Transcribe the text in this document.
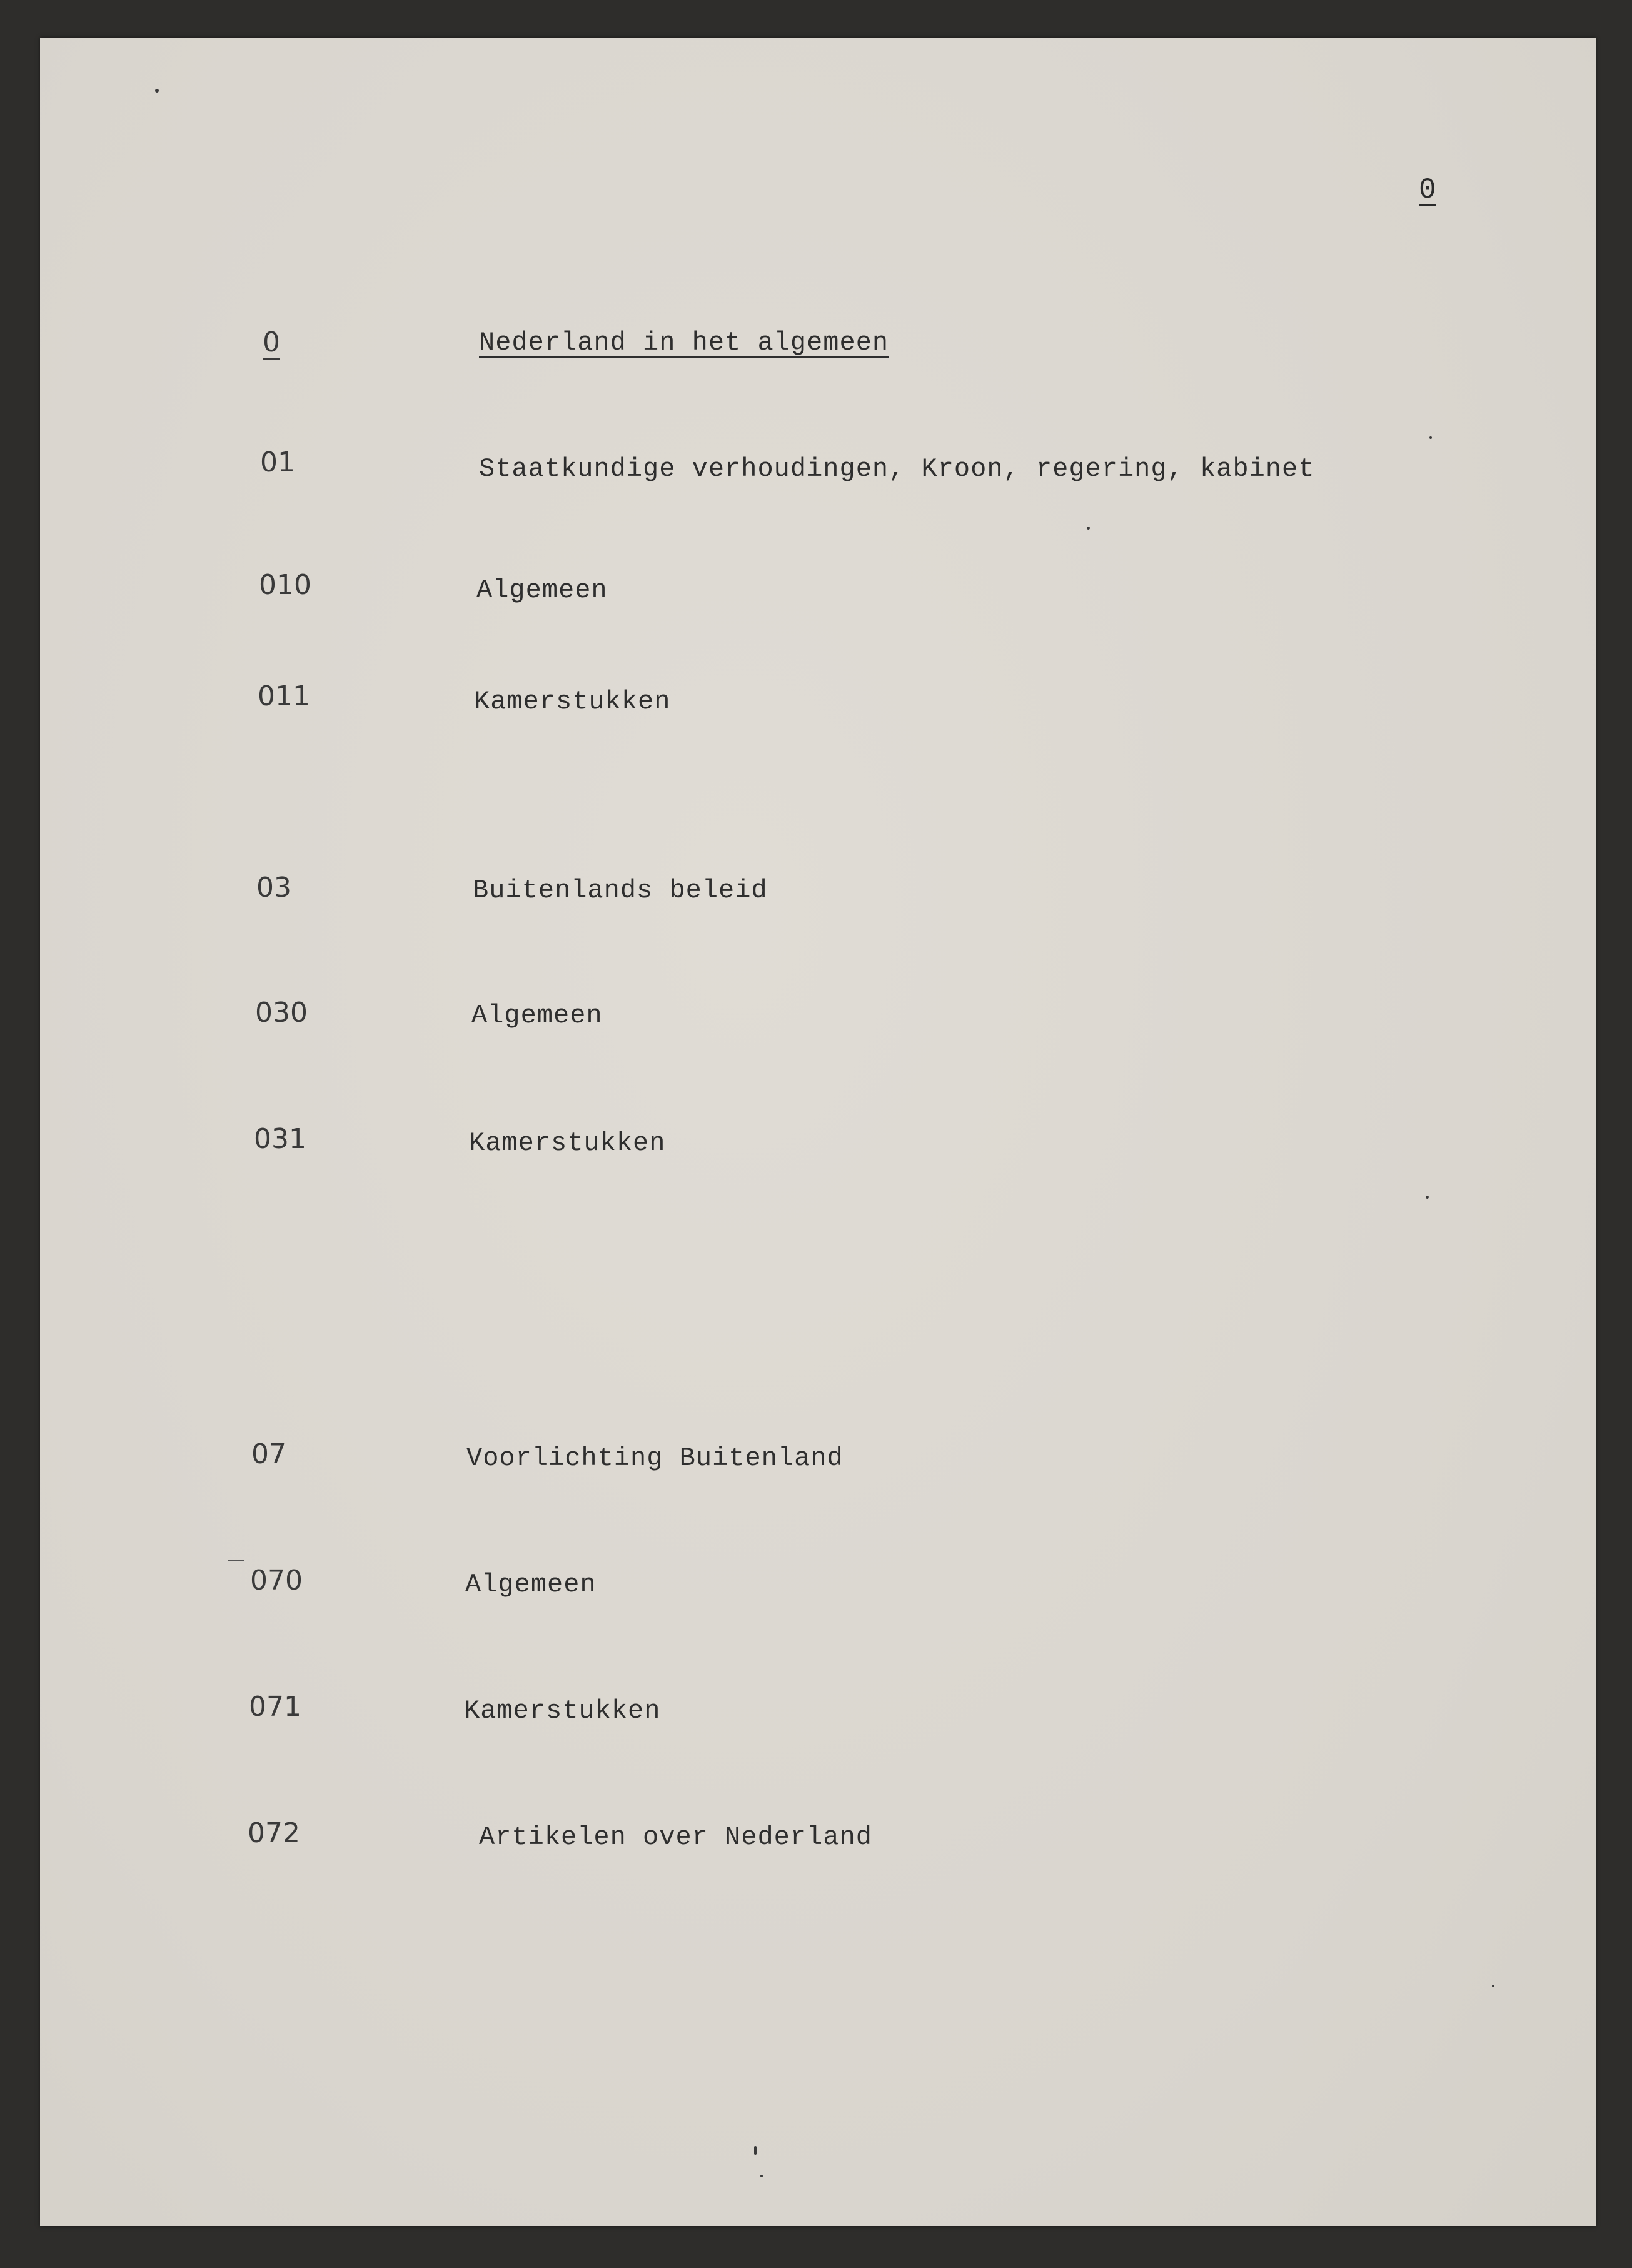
0
0	Nederland in het algemeen
01	Staatkundige verhoudingen, Kroon, regering, kabinet
010	Algemeen
011	Kamerstukken
03	Buitenlands beleid
030	Algemeen
031	Kamerstukken
07	Voorlichting Buitenland
070	Algemeen
071	Kamerstukken
072	Artikelen over Nederland
